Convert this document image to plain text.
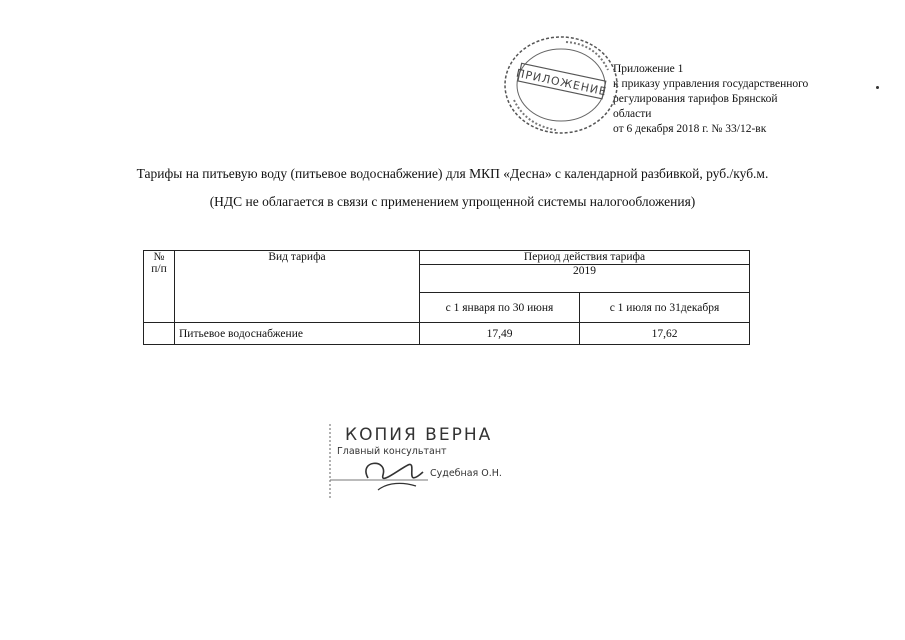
Приложение 1
к приказу управления государственного
регулирования тарифов Брянской
области
от 6 декабря 2018 г. № 33/12-вк
ПРИЛОЖЕНИЕ
Тарифы на питьевую воду (питьевое водоснабжение) для МКП «Десна» с календарной разбивкой, руб./куб.м.
(НДС не облагается в связи с применением упрощенной системы налогообложения)
№ п/п	Вид тарифа	Период действия тарифа	
		2019	
		с 1 января по 30 июня	с 1 июля по 31декабря
	Питьевое водоснабжение	17,49	17,62
КОПИЯ ВЕРНА
Главный консультант
Судебная О.Н.
